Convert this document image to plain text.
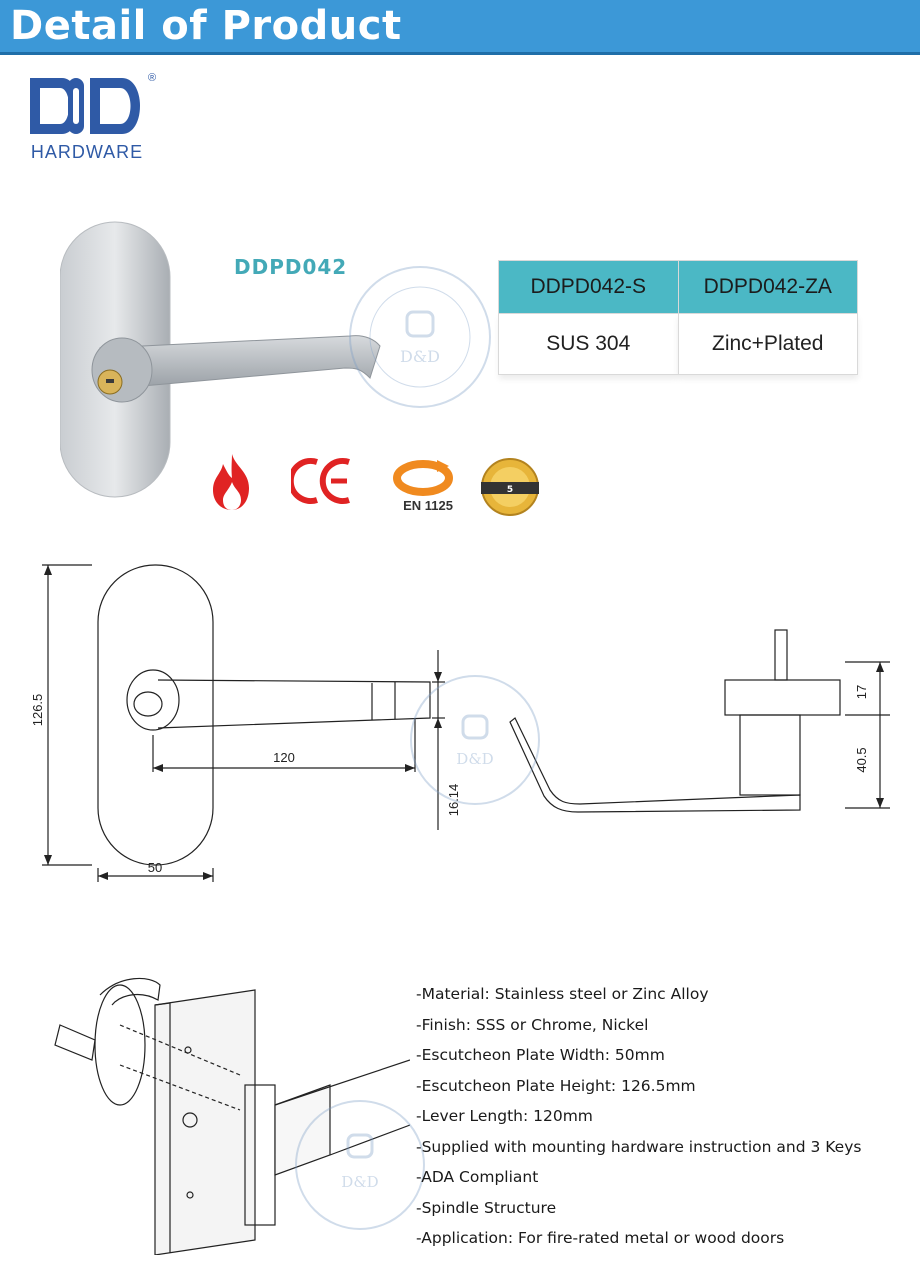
Detail of Product
®
HARDWARE
DDPD042
D&D
DDPD042-S	DDPD042-ZA
SUS 304	Zinc+Plated
EN 1125
5
126.5
50
120
16.14
17
40.5
D&D
D&D
-Material: Stainless steel or Zinc Alloy
-Finish: SSS or Chrome, Nickel
-Escutcheon Plate Width: 50mm
-Escutcheon Plate Height: 126.5mm
-Lever Length: 120mm
-Supplied with mounting hardware instruction and 3 Keys
-ADA Compliant
-Spindle Structure
-Application: For fire-rated metal or wood doors
